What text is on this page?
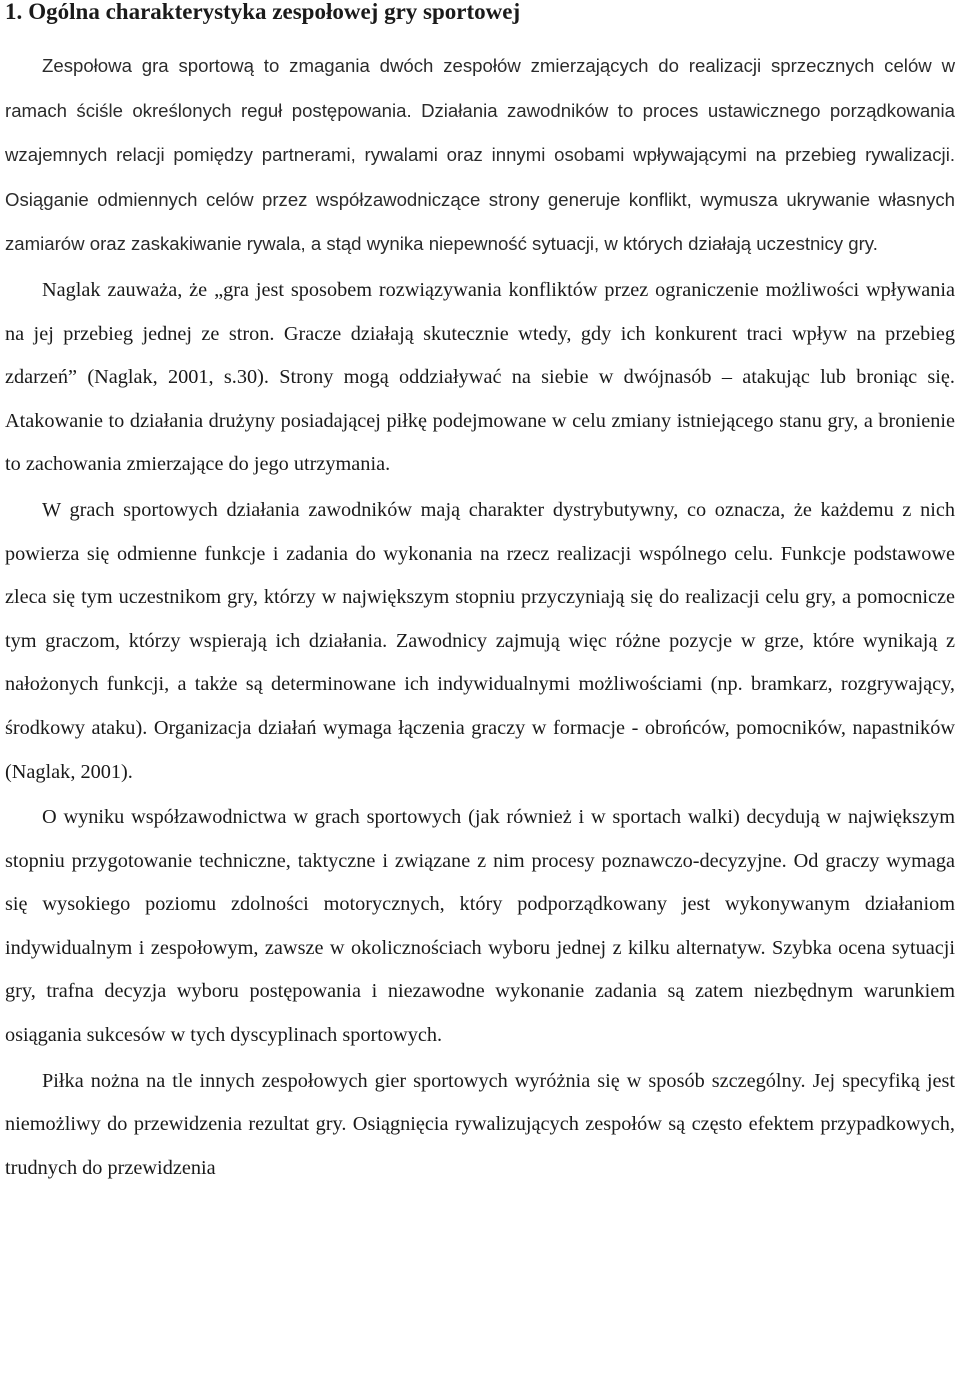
1. Ogólna charakterystyka zespołowej gry sportowej

Zespołowa gra sportową to zmagania dwóch zespołów zmierzających do realizacji sprzecznych celów w ramach ściśle określonych reguł postępowania. Działania zawodników to proces ustawicznego porządkowania wzajemnych relacji pomiędzy partnerami, rywalami oraz innymi osobami wpływającymi na przebieg rywalizacji. Osiąganie odmiennych celów przez współzawodniczące strony generuje konflikt, wymusza ukrywanie własnych zamiarów oraz zaskakiwanie rywala, a stąd wynika niepewność sytuacji, w których działają uczestnicy gry.

Naglak zauważa, że „gra jest sposobem rozwiązywania konfliktów przez ograniczenie możliwości wpływania na jej przebieg jednej ze stron. Gracze działają skutecznie wtedy, gdy ich konkurent traci wpływ na przebieg zdarzeń” (Naglak, 2001, s.30). Strony mogą oddziaływać na siebie w dwójnasób – atakując lub broniąc się. Atakowanie to działania drużyny posiadającej piłkę podejmowane w celu zmiany istniejącego stanu gry, a bronienie to zachowania zmierzające do jego utrzymania.

W grach sportowych działania zawodników mają charakter dystrybutywny, co oznacza, że każdemu z nich powierza się odmienne funkcje i zadania do wykonania na rzecz realizacji wspólnego celu. Funkcje podstawowe zleca się tym uczestnikom gry, którzy w największym stopniu przyczyniają się do realizacji celu gry, a pomocnicze tym graczom, którzy wspierają ich działania. Zawodnicy zajmują więc różne pozycje w grze, które wynikają z nałożonych funkcji, a także są determinowane ich indywidualnymi możliwościami (np. bramkarz, rozgrywający, środkowy ataku). Organizacja działań wymaga łączenia graczy w formacje - obrońców, pomocników, napastników (Naglak, 2001).

O wyniku współzawodnictwa w grach sportowych (jak również i w sportach walki) decydują w największym stopniu przygotowanie techniczne, taktyczne i związane z nim procesy poznawczo-decyzyjne. Od graczy wymaga się wysokiego poziomu zdolności motorycznych, który podporządkowany jest wykonywanym działaniom indywidualnym i zespołowym, zawsze w okolicznościach wyboru jednej z kilku alternatyw. Szybka ocena sytuacji gry, trafna decyzja wyboru postępowania i niezawodne wykonanie zadania są zatem niezbędnym warunkiem osiągania sukcesów w tych dyscyplinach sportowych.

Piłka nożna na tle innych zespołowych gier sportowych wyróżnia się w sposób szczególny. Jej specyfiką jest niemożliwy do przewidzenia rezultat gry. Osiągnięcia rywalizujących zespołów są często efektem przypadkowych, trudnych do przewidzenia
